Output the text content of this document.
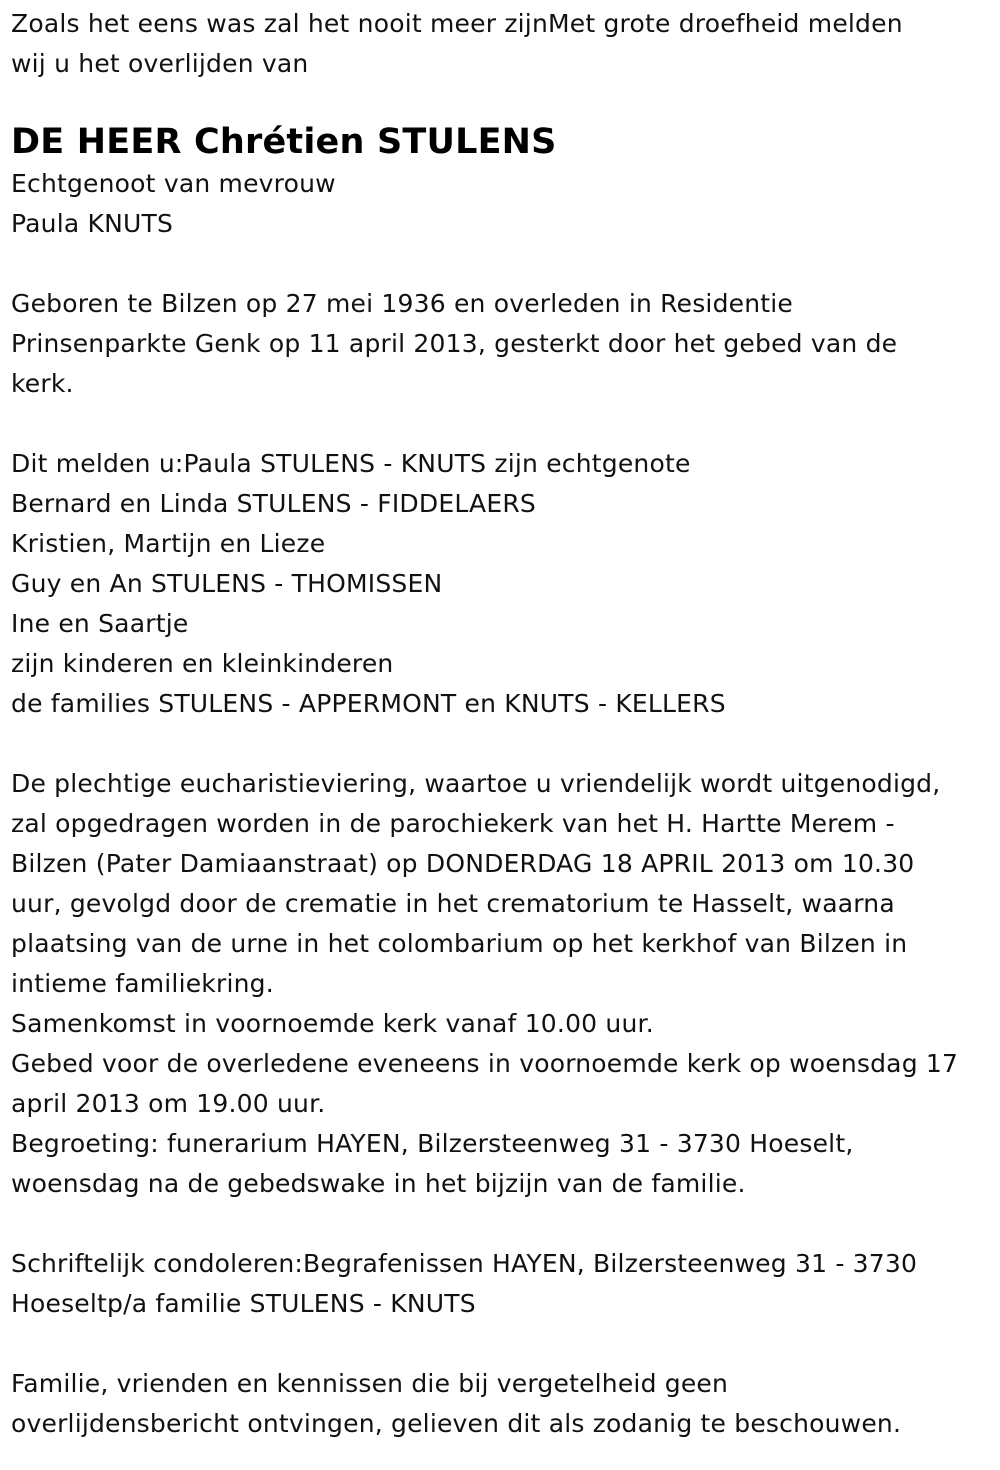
Zoals het eens was zal het nooit meer zijnMet grote droefheid melden
wij u het overlijden van
DE HEER Chrétien STULENS
Echtgenoot van mevrouw
Paula KNUTS
Geboren te Bilzen op 27 mei 1936 en overleden in Residentie
Prinsenparkte Genk op 11 april 2013, gesterkt door het gebed van de
kerk.
Dit melden u:Paula STULENS - KNUTS zijn echtgenote
Bernard en Linda STULENS - FIDDELAERS
Kristien, Martijn en Lieze
Guy en An STULENS - THOMISSEN
Ine en Saartje
zijn kinderen en kleinkinderen
de families STULENS - APPERMONT en KNUTS - KELLERS
De plechtige eucharistieviering, waartoe u vriendelijk wordt uitgenodigd,
zal opgedragen worden in de parochiekerk van het H. Hartte Merem -
Bilzen (Pater Damiaanstraat) op DONDERDAG 18 APRIL 2013 om 10.30
uur, gevolgd door de crematie in het crematorium te Hasselt, waarna
plaatsing van de urne in het colombarium op het kerkhof van Bilzen in
intieme familiekring.
Samenkomst in voornoemde kerk vanaf 10.00 uur.
Gebed voor de overledene eveneens in voornoemde kerk op woensdag 17
april 2013 om 19.00 uur.
Begroeting: funerarium HAYEN, Bilzersteenweg 31 - 3730 Hoeselt,
woensdag na de gebedswake in het bijzijn van de familie.
Schriftelijk condoleren:Begrafenissen HAYEN, Bilzersteenweg 31 - 3730
Hoeseltp/a familie STULENS - KNUTS
Familie, vrienden en kennissen die bij vergetelheid geen
overlijdensbericht ontvingen, gelieven dit als zodanig te beschouwen.
